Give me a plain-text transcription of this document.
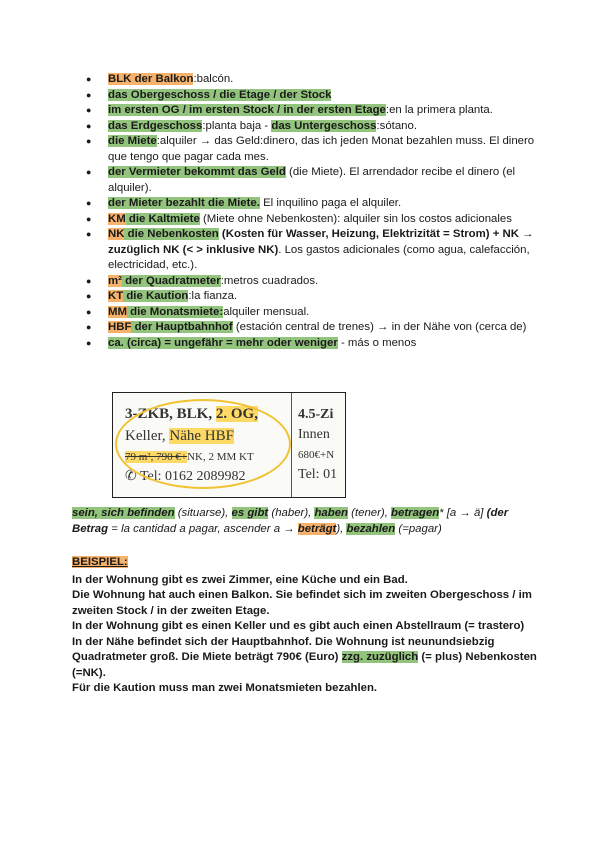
● BLK der Balkon:balcón.
● das Obergeschoss / die Etage / der Stock
● im ersten OG / im ersten Stock / in der ersten Etage:en la primera planta.
● das Erdgeschoss:planta baja - das Untergeschoss:sótano.
● die Miete:alquiler → das Geld:dinero, das ich jeden Monat bezahlen muss. El dinero que tengo que pagar cada mes.
● der Vermieter bekommt das Geld (die Miete). El arrendador recibe el dinero (el alquiler).
● der Mieter bezahlt die Miete. El inquilino paga el alquiler.
● KM die Kaltmiete (Miete ohne Nebenkosten): alquiler sin los costos adicionales
● NK die Nebenkosten (Kosten für Wasser, Heizung, Elektrizität = Strom) + NK → zuzüglich NK (< > inklusive NK). Los gastos adicionales (como agua, calefacción, electricidad, etc.).
● m² der Quadratmeter:metros cuadrados.
● KT die Kaution:la fianza.
● MM die Monatsmiete:alquiler mensual.
● HBF der Hauptbahnhof (estación central de trenes) → in der Nähe von (cerca de)
● ca. (circa) = ungefähr = mehr oder weniger - más o menos
3-ZKB, BLK, 2. OG,
Keller, Nähe HBF
79 m², 790 €+NK, 2 MM KT
✆ Tel: 0162 2089982
4.5-Zi
Innen
680€+N
Tel: 01

sein, sich befinden (situarse), es gibt (haber), haben (tener), betragen* [a → ä] (der Betrag = la cantidad a pagar, ascender a → beträgt), bezahlen (=pagar)

BEISPIEL:

In der Wohnung gibt es zwei Zimmer, eine Küche und ein Bad.

Die Wohnung hat auch einen Balkon. Sie befindet sich im zweiten Obergeschoss / im zweiten Stock / in der zweiten Etage.

In der Wohnung gibt es einen Keller und es gibt auch einen Abstellraum (= trastero)

In der Nähe befindet sich der Hauptbahnhof. Die Wohnung ist neunundsiebzig Quadratmeter groß. Die Miete beträgt 790€ (Euro) zzg. zuzüglich (= plus) Nebenkosten (=NK).

Für die Kaution muss man zwei Monatsmieten bezahlen.
